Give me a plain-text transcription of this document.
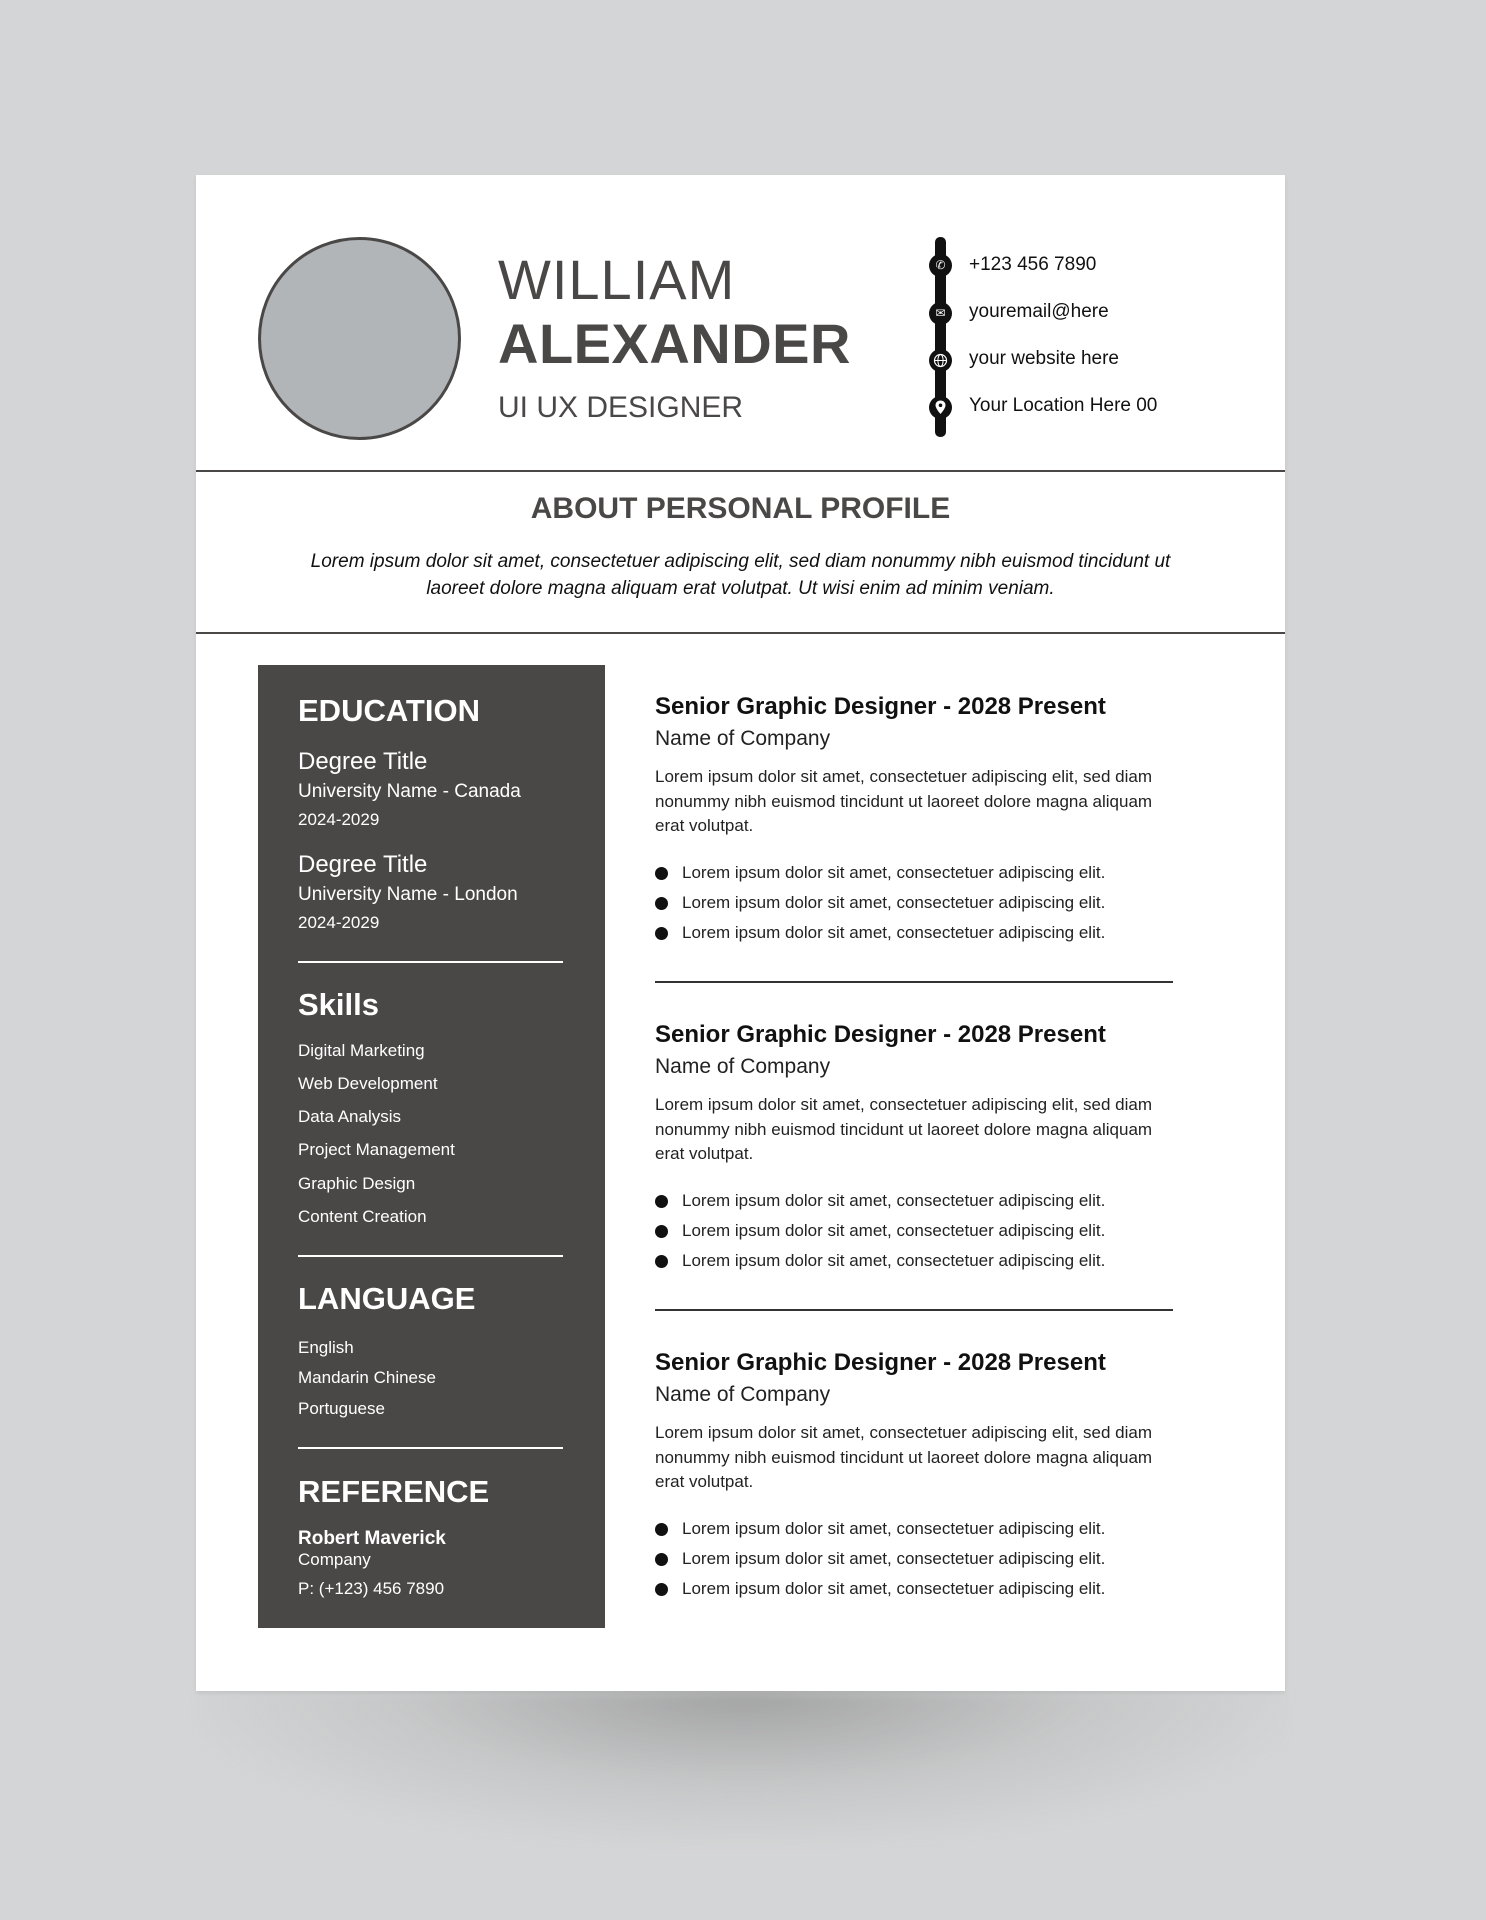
WILLIAM
ALEXANDER
UI UX DESIGNER
✆	+123 456 7890
✉	youremail@here
your website here
Your Location Here 00
ABOUT PERSONAL PROFILE
Lorem ipsum dolor sit amet, consectetuer adipiscing elit, sed diam nonummy nibh euismod tincidunt ut laoreet dolore magna aliquam erat volutpat. Ut wisi enim ad minim veniam.
EDUCATION
Degree Title
University Name - Canada
2024-2029
Degree Title
University Name - London
2024-2029
Skills
Digital Marketing
Web Development
Data Analysis
Project Management
Graphic Design
Content Creation
LANGUAGE
English
Mandarin Chinese
Portuguese
REFERENCE
Robert Maverick
Company
P: (+123) 456 7890
Senior Graphic Designer - 2028 Present
Name of Company
Lorem ipsum dolor sit amet, consectetuer adipiscing elit, sed diam nonummy nibh euismod tincidunt ut laoreet dolore magna aliquam erat volutpat.
Lorem ipsum dolor sit amet, consectetuer adipiscing elit.
Lorem ipsum dolor sit amet, consectetuer adipiscing elit.
Lorem ipsum dolor sit amet, consectetuer adipiscing elit.
Senior Graphic Designer - 2028 Present
Name of Company
Lorem ipsum dolor sit amet, consectetuer adipiscing elit, sed diam nonummy nibh euismod tincidunt ut laoreet dolore magna aliquam erat volutpat.
Lorem ipsum dolor sit amet, consectetuer adipiscing elit.
Lorem ipsum dolor sit amet, consectetuer adipiscing elit.
Lorem ipsum dolor sit amet, consectetuer adipiscing elit.
Senior Graphic Designer - 2028 Present
Name of Company
Lorem ipsum dolor sit amet, consectetuer adipiscing elit, sed diam nonummy nibh euismod tincidunt ut laoreet dolore magna aliquam erat volutpat.
Lorem ipsum dolor sit amet, consectetuer adipiscing elit.
Lorem ipsum dolor sit amet, consectetuer adipiscing elit.
Lorem ipsum dolor sit amet, consectetuer adipiscing elit.
